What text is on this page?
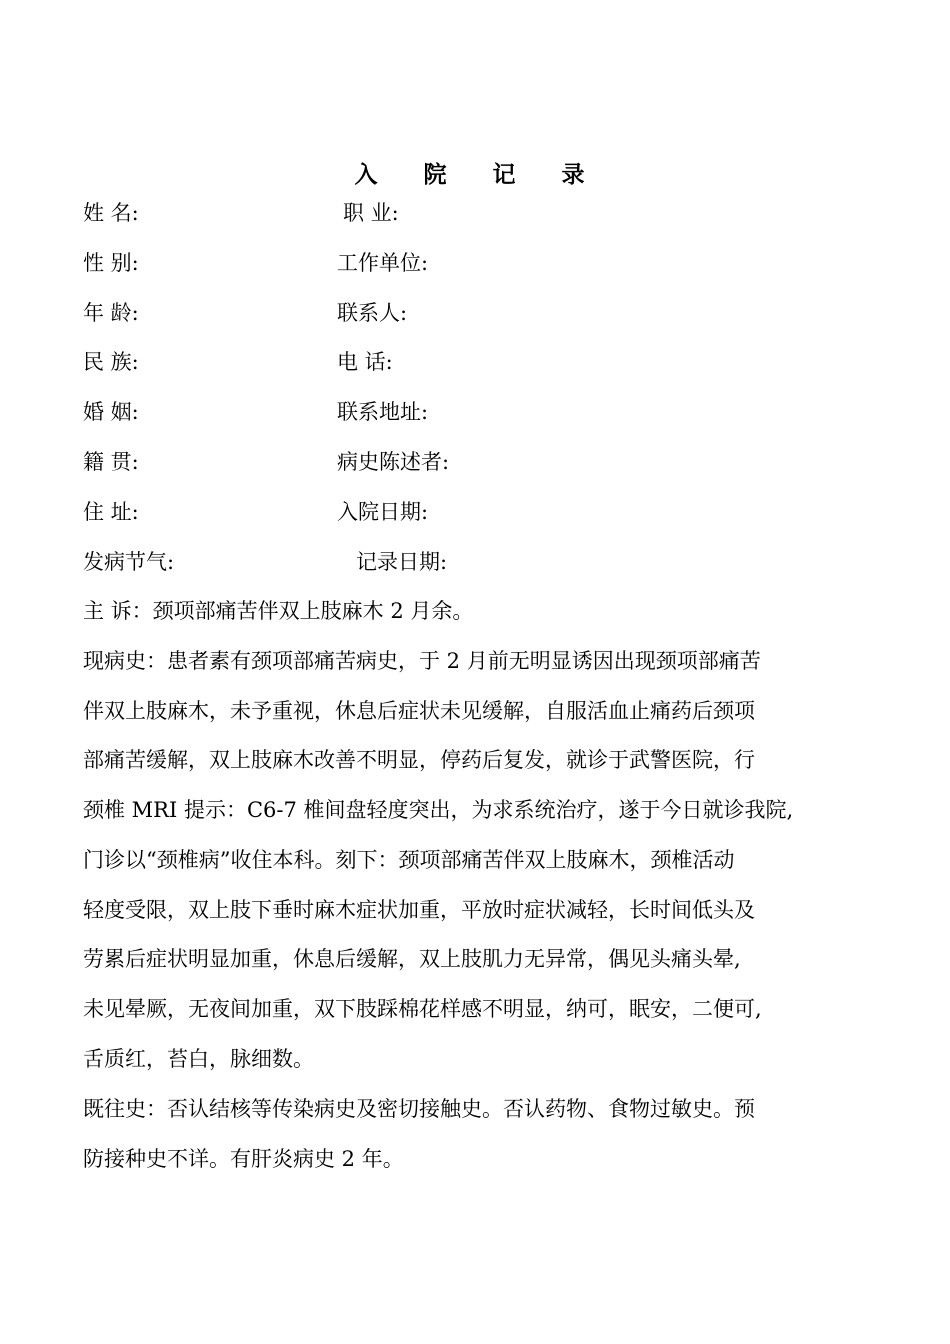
入 院 记 录
姓 名:	职 业:
性 别:	工作单位:
年 龄:	联系人:
民 族:	电 话:
婚 姻:	联系地址:
籍 贯:	病史陈述者:
住 址:	入院日期:
发病节气:	记录日期:
主 诉：颈项部痛苦伴双上肢麻木 2 月余。
现病史：患者素有颈项部痛苦病史，于 2 月前无明显诱因出现颈项部痛苦
伴双上肢麻木，未予重视，休息后症状未见缓解，自服活血止痛药后颈项
部痛苦缓解，双上肢麻木改善不明显，停药后复发，就诊于武警医院，行
颈椎 MRI 提示：C6-7 椎间盘轻度突出，为求系统治疗，遂于今日就诊我院,
门诊以“颈椎病”收住本科。刻下：颈项部痛苦伴双上肢麻木，颈椎活动
轻度受限，双上肢下垂时麻木症状加重，平放时症状减轻，长时间低头及
劳累后症状明显加重，休息后缓解，双上肢肌力无异常，偶见头痛头晕,
未见晕厥，无夜间加重，双下肢踩棉花样感不明显，纳可，眠安，二便可,
舌质红，苔白，脉细数。
既往史：否认结核等传染病史及密切接触史。否认药物、食物过敏史。预
防接种史不详。有肝炎病史 2 年。
